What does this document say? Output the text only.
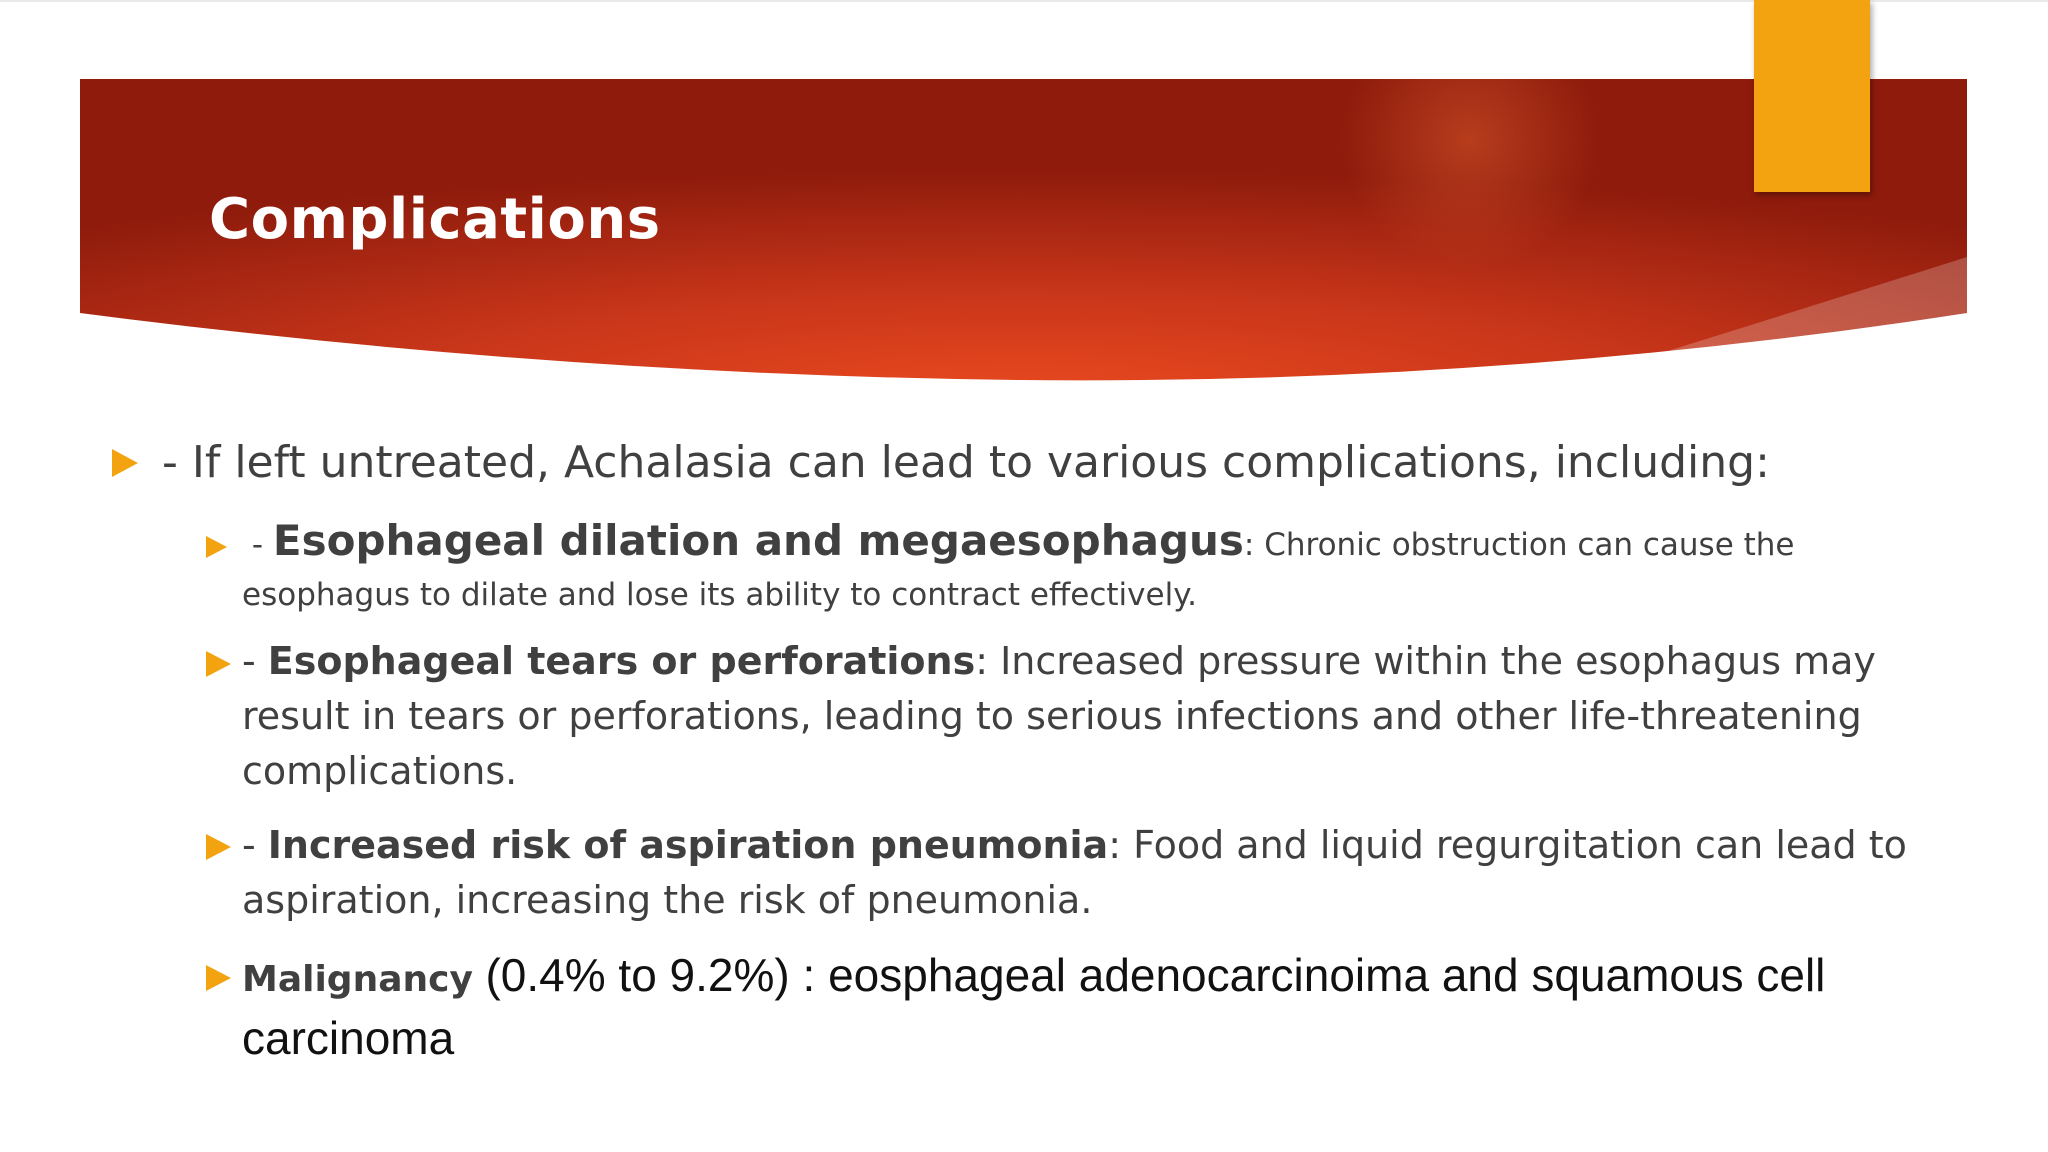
Complications

- If left untreated, Achalasia can lead to various complications, including:

- Esophageal dilation and megaesophagus: Chronic obstruction can cause the esophagus to dilate and lose its ability to contract effectively.

- Esophageal tears or perforations: Increased pressure within the esophagus may result in tears or perforations, leading to serious infections and other life-threatening complications.

- Increased risk of aspiration pneumonia: Food and liquid regurgitation can lead to aspiration, increasing the risk of pneumonia.

Malignancy (0.4% to 9.2%) : eosphageal adenocarcinoima and squamous cell carcinoma
